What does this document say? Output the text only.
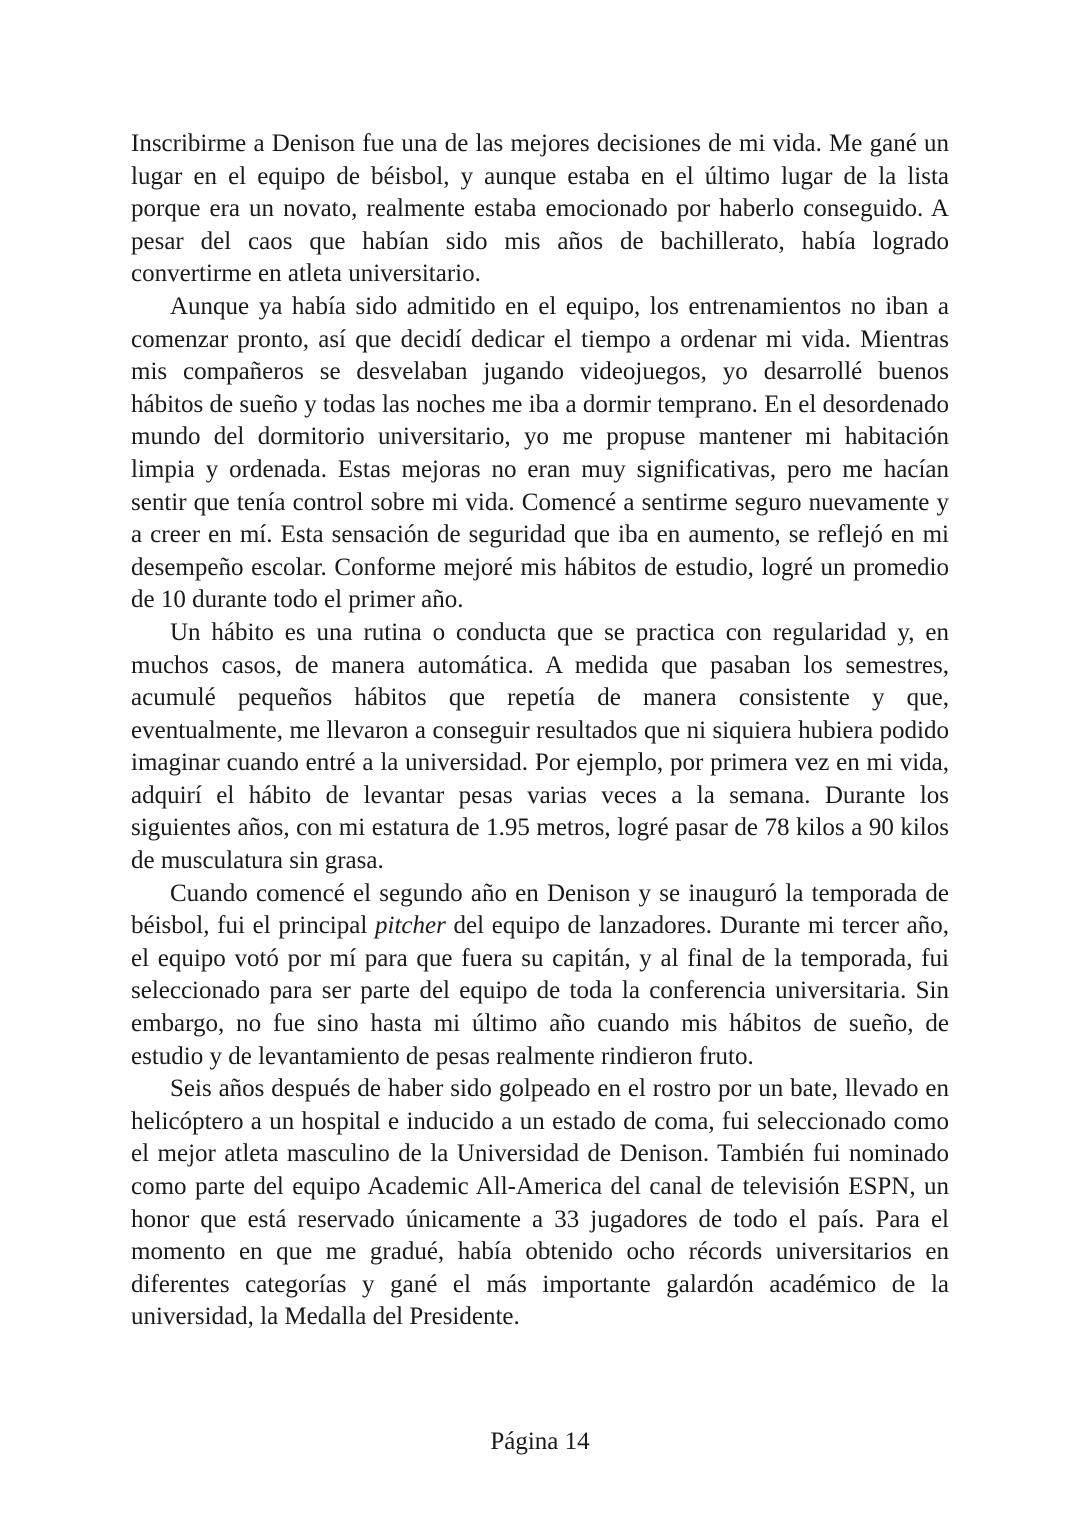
Inscribirme a Denison fue una de las mejores decisiones de mi vida. Me gané un lugar en el equipo de béisbol, y aunque estaba en el último lugar de la lista porque era un novato, realmente estaba emocionado por haberlo conseguido. A pesar del caos que habían sido mis años de bachillerato, había logrado convertirme en atleta universitario.

Aunque ya había sido admitido en el equipo, los entrenamientos no iban a comenzar pronto, así que decidí dedicar el tiempo a ordenar mi vida. Mientras mis compañeros se desvelaban jugando videojuegos, yo desarrollé buenos hábitos de sueño y todas las noches me iba a dormir temprano. En el desordenado mundo del dormitorio universitario, yo me propuse mantener mi habitación limpia y ordenada. Estas mejoras no eran muy significativas, pero me hacían sentir que tenía control sobre mi vida. Comencé a sentirme seguro nuevamente y a creer en mí. Esta sensación de seguridad que iba en aumento, se reflejó en mi desempeño escolar. Conforme mejoré mis hábitos de estudio, logré un promedio de 10 durante todo el primer año.

Un hábito es una rutina o conducta que se practica con regularidad y, en muchos casos, de manera automática. A medida que pasaban los semestres, acumulé pequeños hábitos que repetía de manera consistente y que, eventualmente, me llevaron a conseguir resultados que ni siquiera hubiera podido imaginar cuando entré a la universidad. Por ejemplo, por primera vez en mi vida, adquirí el hábito de levantar pesas varias veces a la semana. Durante los siguientes años, con mi estatura de 1.95 metros, logré pasar de 78 kilos a 90 kilos de musculatura sin grasa.

Cuando comencé el segundo año en Denison y se inauguró la temporada de béisbol, fui el principal pitcher del equipo de lanzadores. Durante mi tercer año, el equipo votó por mí para que fuera su capitán, y al final de la temporada, fui seleccionado para ser parte del equipo de toda la conferencia universitaria. Sin embargo, no fue sino hasta mi último año cuando mis hábitos de sueño, de estudio y de levantamiento de pesas realmente rindieron fruto.

Seis años después de haber sido golpeado en el rostro por un bate, llevado en helicóptero a un hospital e inducido a un estado de coma, fui seleccionado como el mejor atleta masculino de la Universidad de Denison. También fui nominado como parte del equipo Academic All-America del canal de televisión ESPN, un honor que está reservado únicamente a 33 jugadores de todo el país. Para el momento en que me gradué, había obtenido ocho récords universitarios en diferentes categorías y gané el más importante galardón académico de la universidad, la Medalla del Presidente.

Página 14
